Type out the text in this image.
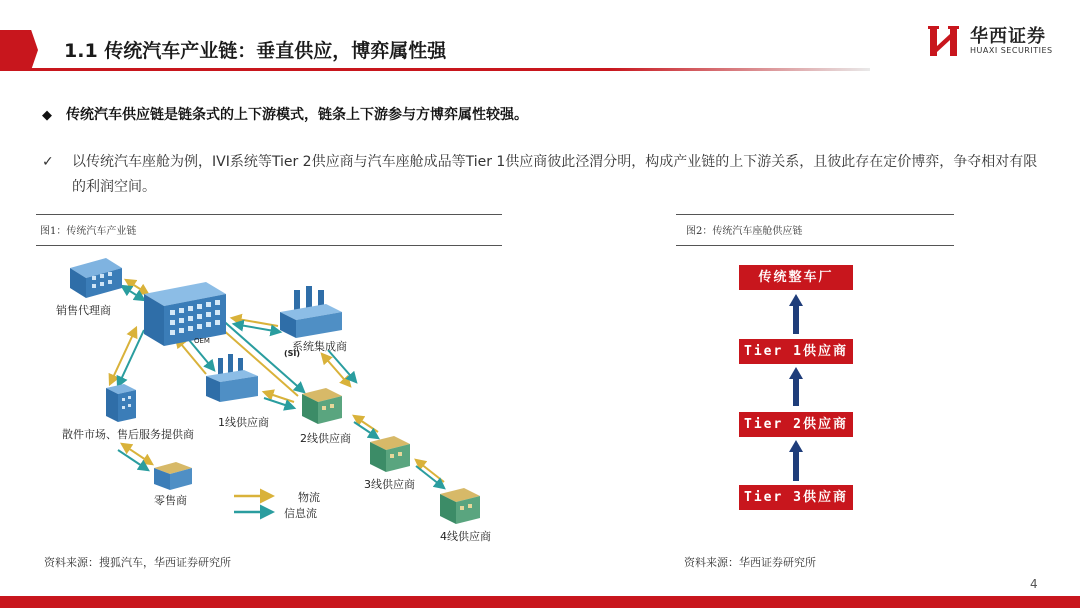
1.1 传统汽车产业链：垂直供应，博弈属性强
华西证券
HUAXI SECURITIES
◆ 传统汽车供应链是链条式的上下游模式，链条上下游参与方博弈属性较强。
✓ 以传统汽车座舱为例，IVI系统等Tier 2供应商与汽车座舱成品等Tier 1供应商彼此泾渭分明，构成产业链的上下游关系，且彼此存在定价博弈，争夺相对有限的利润空间。
图1：传统汽车产业链
销售代理商
OEM
(SI)
系统集成商
散件市场、售后服务提供商
1线供应商
2线供应商
3线供应商
4线供应商
零售商	物流
信息流
资料来源：搜狐汽车，华西证券研究所
图2：传统汽车座舱供应链
传统整车厂
Tier 1供应商
Tier 2供应商
Tier 3供应商
资料来源：华西证券研究所
4
